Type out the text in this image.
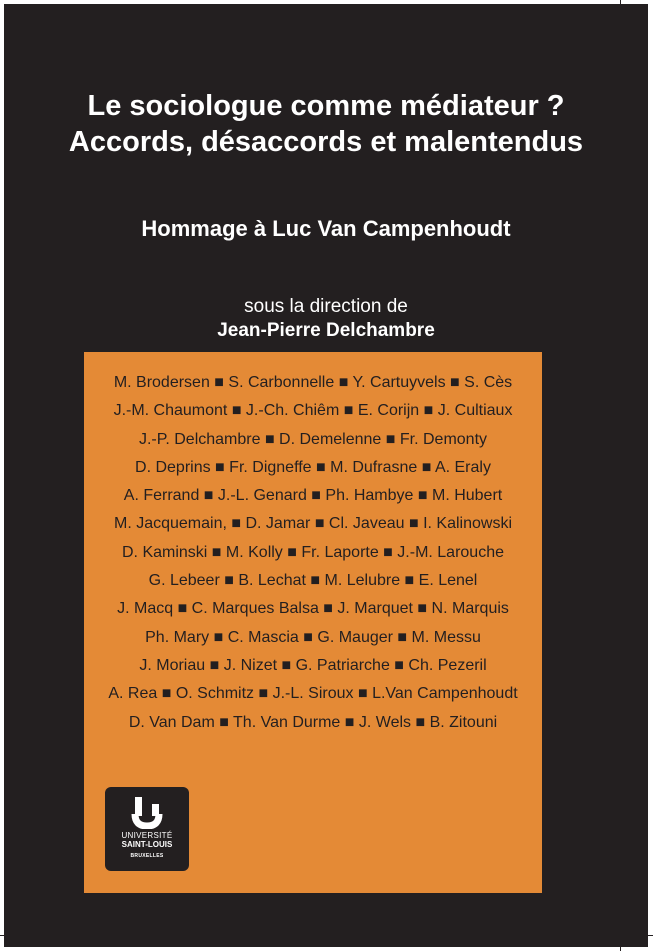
Le sociologue comme médiateur ?
Accords, désaccords et malentendus
Hommage à Luc Van Campenhoudt
sous la direction de
Jean-Pierre Delchambre
M. Brodersen ■ S. Carbonnelle ■ Y. Cartuyvels ■ S. Cès
J.-M. Chaumont ■ J.-Ch. Chiêm ■ E. Corijn ■ J. Cultiaux
J.-P. Delchambre ■ D. Demelenne ■ Fr. Demonty
D. Deprins ■ Fr. Digneffe ■ M. Dufrasne ■ A. Eraly
A. Ferrand ■ J.-L. Genard ■ Ph. Hambye ■ M. Hubert
M. Jacquemain, ■ D. Jamar ■ Cl. Javeau ■ I. Kalinowski
D. Kaminski ■ M. Kolly ■ Fr. Laporte ■ J.-M. Larouche
G. Lebeer ■ B. Lechat ■ M. Lelubre ■ E. Lenel
J. Macq ■ C. Marques Balsa ■ J. Marquet ■ N. Marquis
Ph. Mary ■ C. Mascia ■ G. Mauger ■ M. Messu
J. Moriau ■ J. Nizet ■ G. Patriarche ■ Ch. Pezeril
A. Rea ■ O. Schmitz ■ J.-L. Siroux ■ L.Van Campenhoudt
D. Van Dam ■ Th. Van Durme ■ J. Wels ■ B. Zitouni
UNIVERSITÉ
SAINT-LOUIS
BRUXELLES
